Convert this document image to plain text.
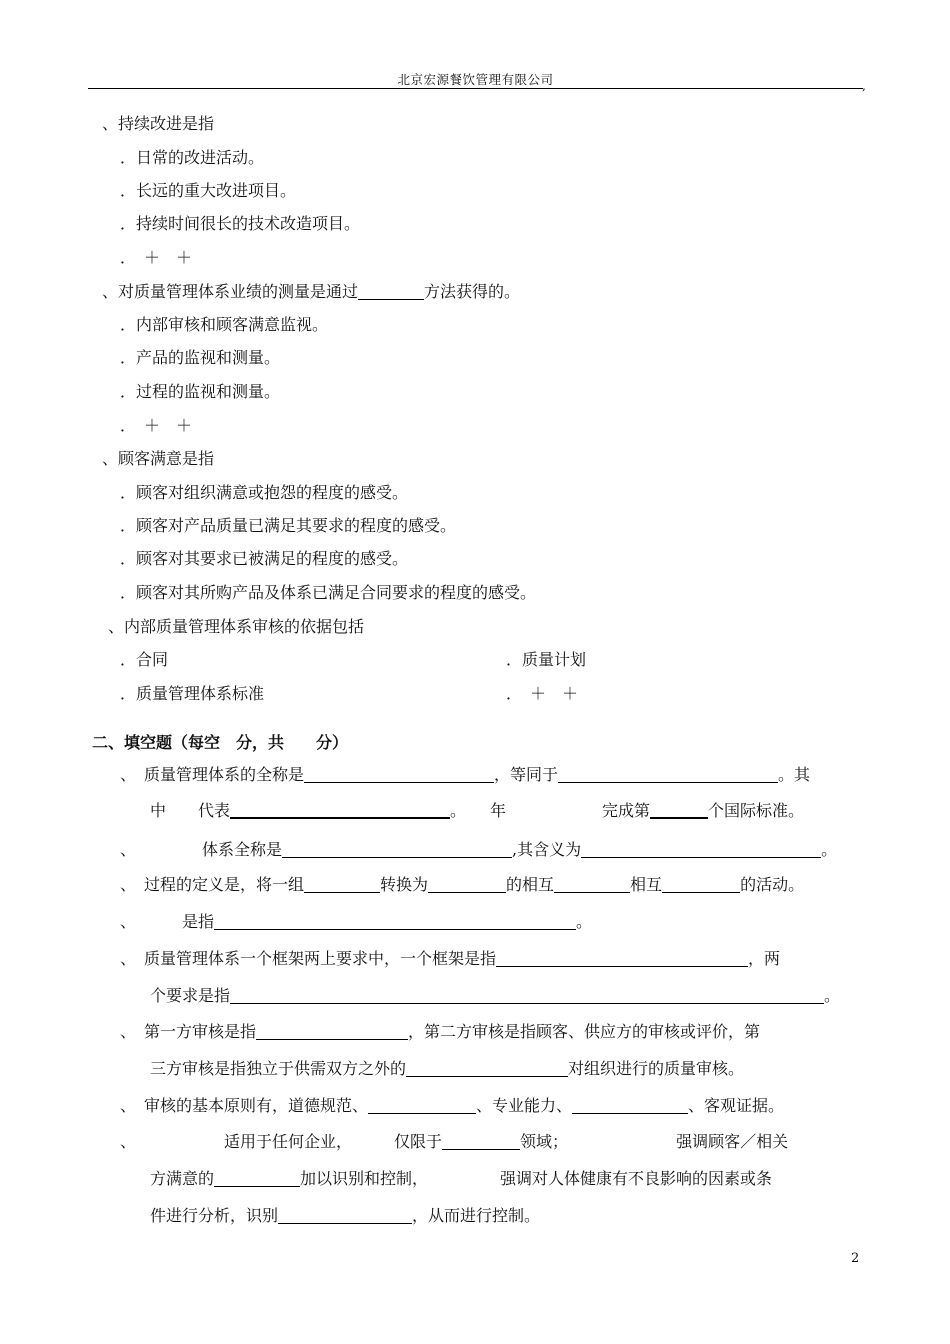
北京宏源餐饮管理有限公司	,
、持续改进是指
．日常的改进活动。
．长远的重大改进项目。
．持续时间很长的技术改造项目。
．　＋　＋
、对质量管理体系业绩的测量是通过	方法获得的。
．内部审核和顾客满意监视。
．产品的监视和测量。
．过程的监视和测量。
．　＋　＋
、顾客满意是指
．顾客对组织满意或抱怨的程度的感受。
．顾客对产品质量已满足其要求的程度的感受。
．顾客对其要求已被满足的程度的感受。
．顾客对其所购产品及体系已满足合同要求的程度的感受。
、内部质量管理体系审核的依据包括
．合同	．质量计划
．质量管理体系标准	．　＋　＋
二、填空题（每空　分，共　　分）
、　质量管理体系的全称是	，等同于	。其
中　　代表	。　　年	完成第	个国际标准。
、	体系全称是	,其含义为	。
、　过程的定义是，将一组	转换为	的相互	相互	的活动。
、	是指	。
、　质量管理体系一个框架两上要求中，一个框架是指	，两
个要求是指	。
、　第一方审核是指	，第二方审核是指顾客、供应方的审核或评价，第
三方审核是指独立于供需双方之外的	对组织进行的质量审核。
、　审核的基本原则有，道德规范、	、专业能力、	、客观证据。
、	适用于任何企业，	仅限于	领域；	强调顾客／相关
方满意的	加以识别和控制，	强调对人体健康有不良影响的因素或条
件进行分析，识别	，从而进行控制。
2
